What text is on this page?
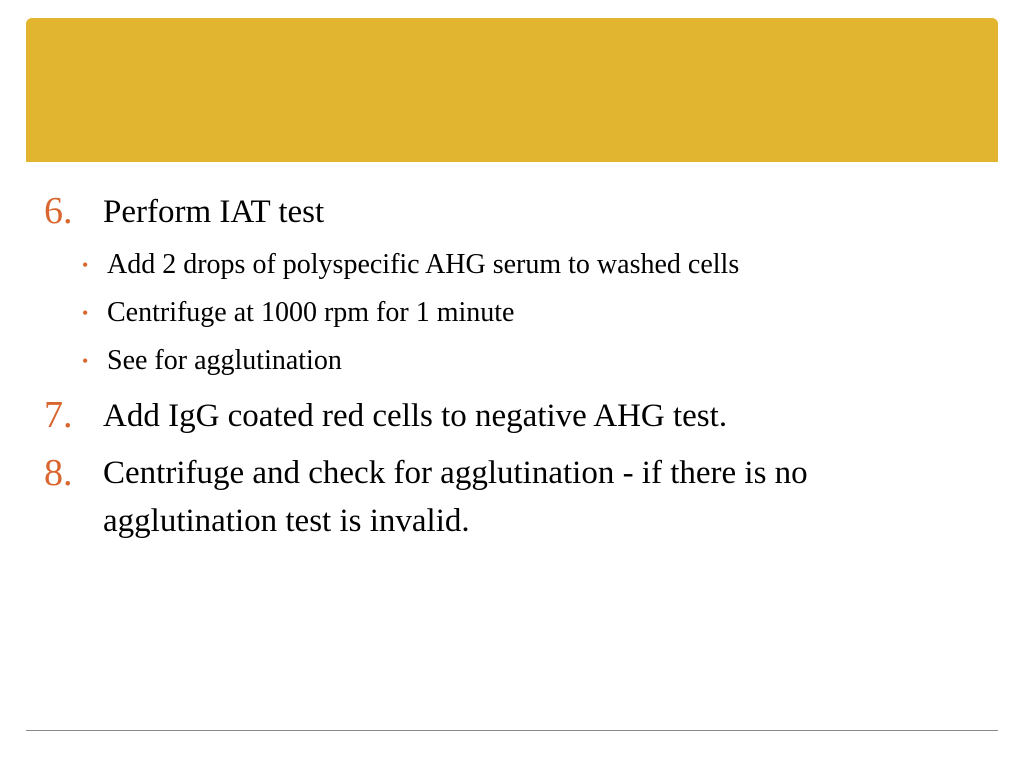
6. Perform IAT test
• Add 2 drops of polyspecific AHG serum to washed cells
• Centrifuge at 1000 rpm for 1 minute
• See for agglutination
7. Add IgG coated red cells to negative AHG test.
8. Centrifuge and check for agglutination - if there is no
agglutination test is invalid.
